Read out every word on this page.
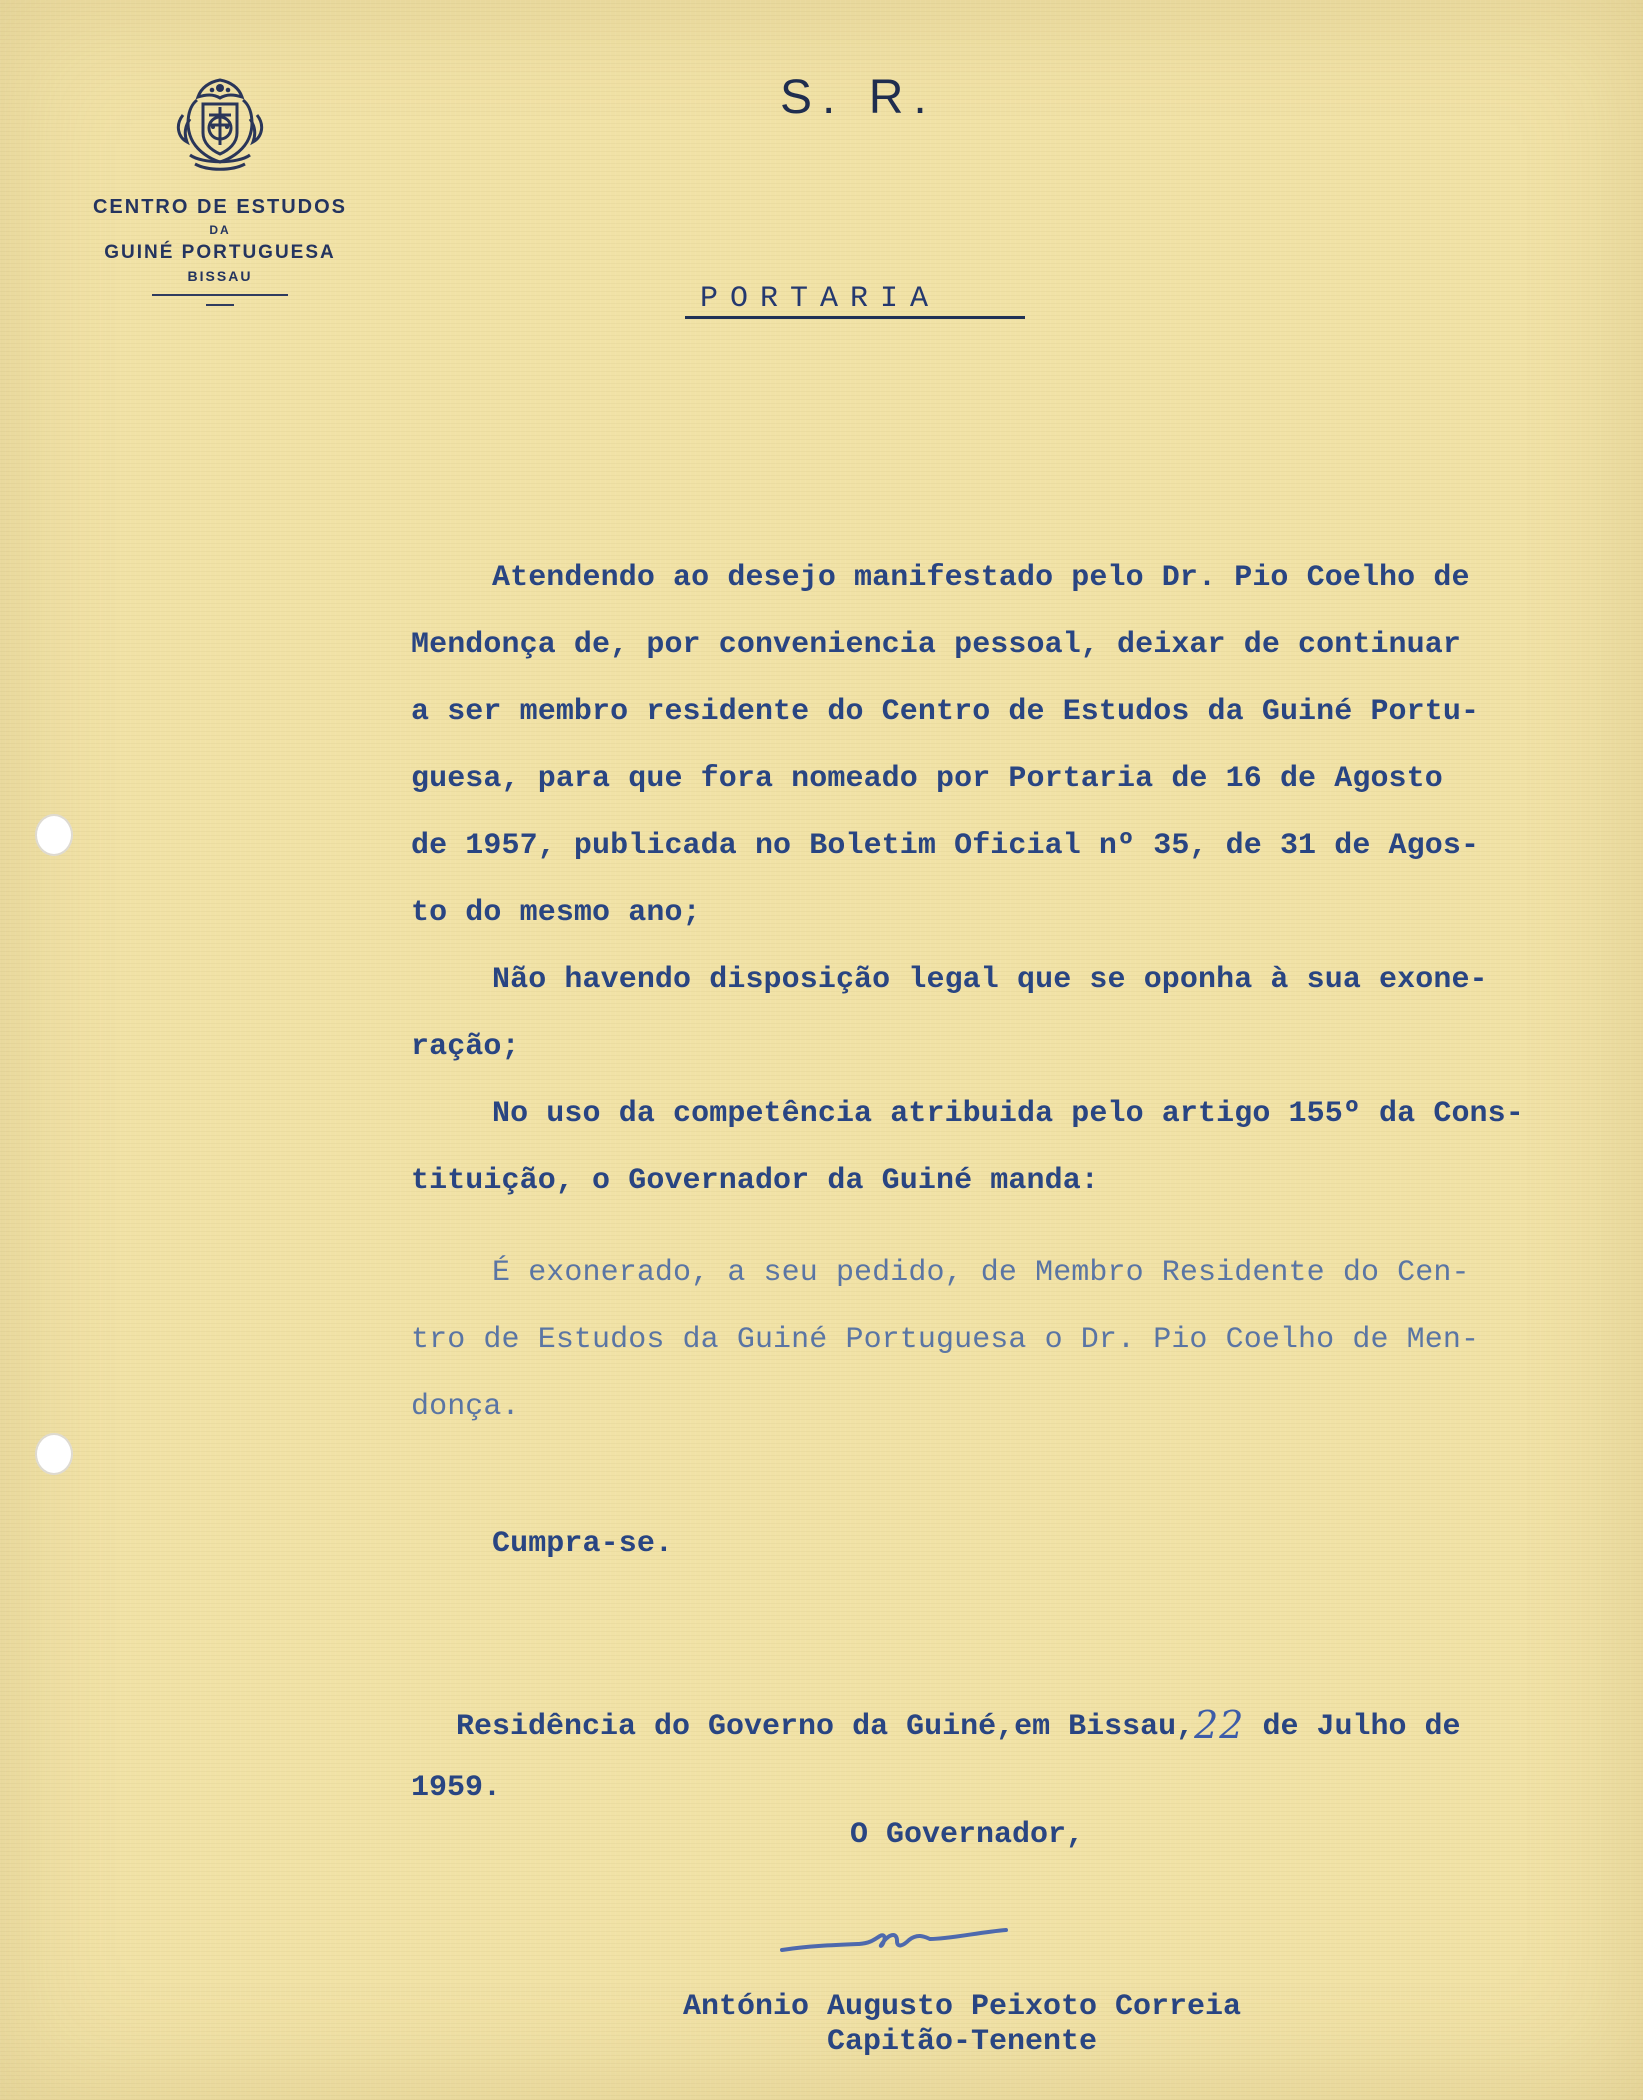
CENTRO DE ESTUDOS
DA
GUINÉ PORTUGUESA
BISSAU
S. R.
PORTARIA
Atendendo ao desejo manifestado pelo Dr. Pio Coelho de
Mendonça de, por conveniencia pessoal, deixar de continuar
a ser membro residente do Centro de Estudos da Guiné Portu-
guesa, para que fora nomeado por Portaria de 16 de Agosto
de 1957, publicada no Boletim Oficial nº 35, de 31 de Agos-
to do mesmo ano;
Não havendo disposição legal que se oponha à sua exone-
ração;
No uso da competência atribuida pelo artigo 155º da Cons-
tituição, o Governador da Guiné manda:
É exonerado, a seu pedido, de Membro Residente do Cen-
tro de Estudos da Guiné Portuguesa o Dr. Pio Coelho de Men-
donça.
Cumpra-se.
Residência do Governo da Guiné,em Bissau,22 de Julho de
1959.
O Governador,
António Augusto Peixoto Correia
Capitão-Tenente
